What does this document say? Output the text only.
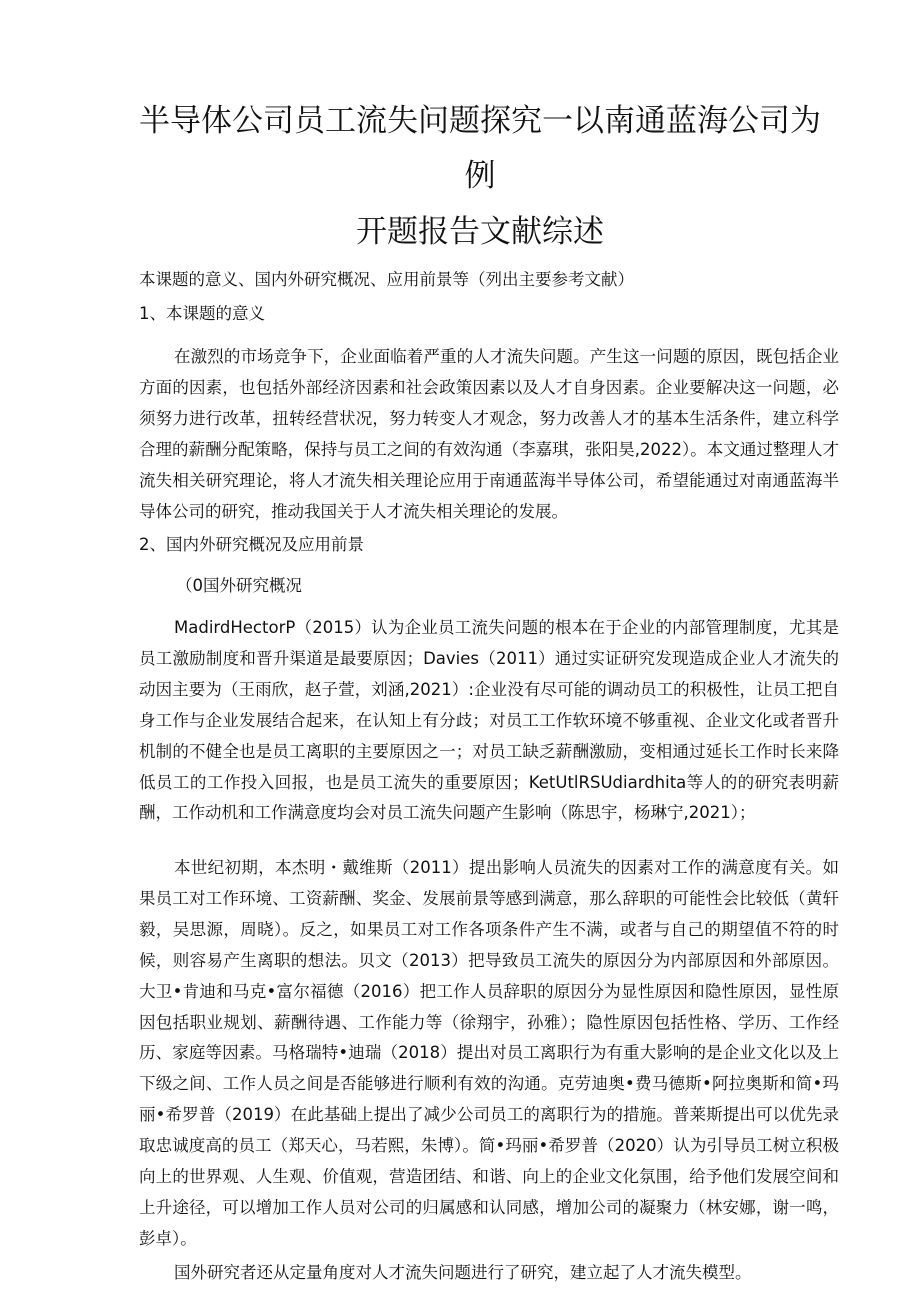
半导体公司员工流失问题探究一以南通蓝海公司为
例
开题报告文献综述

本课题的意义、国内外研究概况、应用前景等（列出主要参考文献）

1、本课题的意义

在激烈的市场竞争下，企业面临着严重的人才流失问题。产生这一问题的原因，既包括企业方面的因素，也包括外部经济因素和社会政策因素以及人才自身因素。企业要解决这一问题，必须努力进行改革，扭转经营状况，努力转变人才观念，努力改善人才的基本生活条件，建立科学合理的薪酬分配策略，保持与员工之间的有效沟通（李嘉琪，张阳昊,2022）。本文通过整理人才流失相关研究理论，将人才流失相关理论应用于南通蓝海半导体公司，希望能通过对南通蓝海半导体公司的研究，推动我国关于人才流失相关理论的发展。

2、国内外研究概况及应用前景

（0国外研究概况

MadirdHectorP（2015）认为企业员工流失问题的根本在于企业的内部管理制度，尤其是员工激励制度和晋升渠道是最要原因；Davies（2011）通过实证研究发现造成企业人才流失的动因主要为（王雨欣，赵子萱，刘涵,2021）:企业没有尽可能的调动员工的积极性，让员工把自身工作与企业发展结合起来，在认知上有分歧；对员工工作软环境不够重视、企业文化或者晋升机制的不健全也是员工离职的主要原因之一；对员工缺乏薪酬激励，变相通过延长工作时长来降低员工的工作投入回报，也是员工流失的重要原因；KetUtlRSUdiardhita等人的的研究表明薪酬，工作动机和工作满意度均会对员工流失问题产生影响（陈思宇，杨琳宁,2021）；

本世纪初期，本杰明・戴维斯（2011）提出影响人员流失的因素对工作的满意度有关。如果员工对工作环境、工资薪酬、奖金、发展前景等感到满意，那么辞职的可能性会比较低（黄轩毅，吴思源，周晓）。反之，如果员工对工作各项条件产生不满，或者与自己的期望值不符的时候，则容易产生离职的想法。贝文（2013）把导致员工流失的原因分为内部原因和外部原因。大卫•肯迪和马克•富尔福德（2016）把工作人员辞职的原因分为显性原因和隐性原因，显性原因包括职业规划、薪酬待遇、工作能力等（徐翔宇，孙雅）；隐性原因包括性格、学历、工作经历、家庭等因素。马格瑞特•迪瑞（2018）提出对员工离职行为有重大影响的是企业文化以及上下级之间、工作人员之间是否能够进行顺利有效的沟通。克劳迪奥•费马德斯•阿拉奥斯和简•玛丽•希罗普（2019）在此基础上提出了减少公司员工的离职行为的措施。普莱斯提出可以优先录取忠诚度高的员工（郑天心，马若熙，朱博）。简•玛丽•希罗普（2020）认为引导员工树立积极向上的世界观、人生观、价值观，营造团结、和谐、向上的企业文化氛围，给予他们发展空间和上升途径，可以增加工作人员对公司的归属感和认同感，增加公司的凝聚力（林安娜，谢一鸣，彭卓）。

国外研究者还从定量角度对人才流失问题进行了研究，建立起了人才流失模型。
